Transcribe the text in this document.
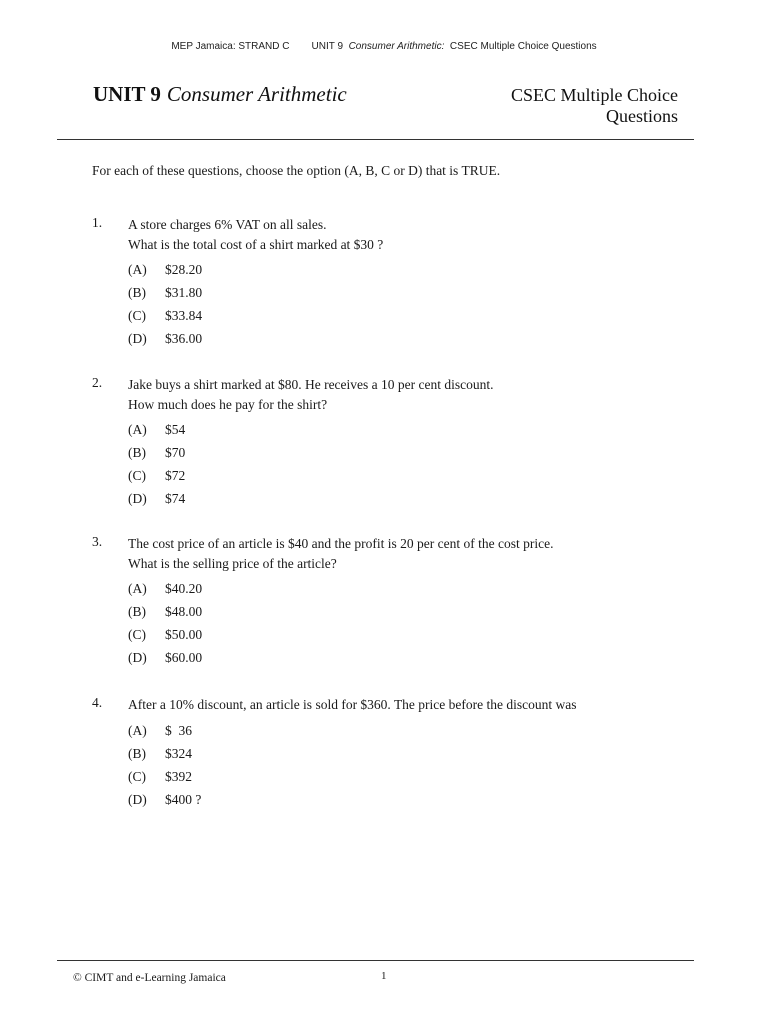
MEP Jamaica: STRAND C UNIT 9 Consumer Arithmetic: CSEC Multiple Choice Questions
UNIT 9 Consumer Arithmetic	CSEC Multiple Choice
Questions
For each of these questions, choose the option (A, B, C or D) that is TRUE.
1. A store charges 6% VAT on all sales.
What is the total cost of a shirt marked at $30 ?
(A) $28.20
(B) $31.80
(C) $33.84
(D) $36.00
2. Jake buys a shirt marked at $80. He receives a 10 per cent discount.
How much does he pay for the shirt?
(A) $54
(B) $70
(C) $72
(D) $74
3. The cost price of an article is $40 and the profit is 20 per cent of the cost price.
What is the selling price of the article?
(A) $40.20
(B) $48.00
(C) $50.00
(D) $60.00
4. After a 10% discount, an article is sold for $360. The price before the discount was
(A) $  36
(B) $324
(C) $392
(D) $400 ?
© CIMT and e-Learning Jamaica	1
